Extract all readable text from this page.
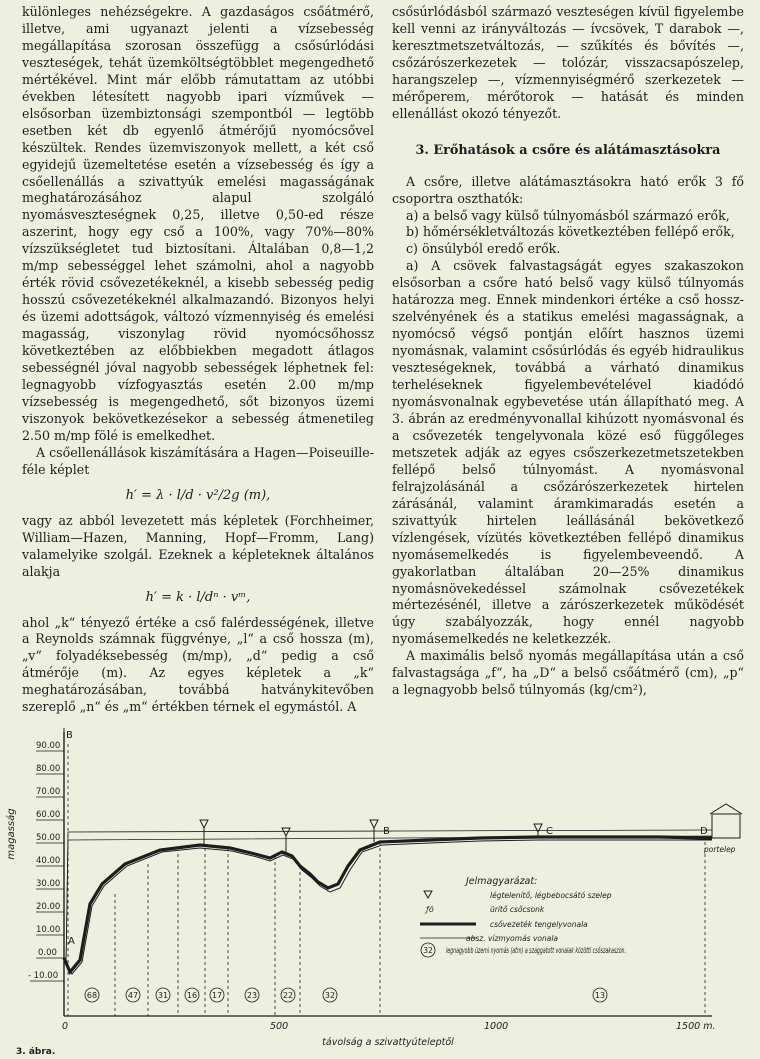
különleges nehézségekre. A gazdaságos csőátmérő, illetve, ami ugyanazt jelenti a vízsebesség megállapítása szorosan összefügg a csősúrlódási veszteségek, tehát üzemköltségtöbblet megengedhető mértékével. Mint már előbb rámutattam az utóbbi években létesített nagyobb ipari vízművek — elsősorban üzembiztonsági szempontból — legtöbb esetben két db egyenlő átmérőjű nyomócsővel készültek. Rendes üzemviszonyok mellett, a két cső egyidejű üzemeltetése esetén a vízsebesség és így a csőellenállás a szivattyúk emelési magasságának meghatározásához alapul szolgáló nyomásveszteségnek 0,25, illetve 0,50-ed része aszerint, hogy egy cső a 100%, vagy 70%—80% vízszükségletet tud biztosítani. Általában 0,8—1,2 m/mp sebességgel lehet számolni, ahol a nagyobb érték rövid csővezetékeknél, a kisebb sebesség pedig hosszú csővezetékeknél alkalmazandó. Bizonyos helyi és üzemi adottságok, változó vízmennyiség és emelési magasság, viszonylag rövid nyomócsőhossz következtében az előbbiekben megadott átlagos sebességnél jóval nagyobb sebességek léphetnek fel: legnagyobb vízfogyasztás esetén 2.00 m/mp vízsebesség is megengedhető, sőt bizonyos üzemi viszonyok bekövetkezésekor a sebesség átmenetileg 2.50 m/mp fölé is emelkedhet.

A csőellenállások kiszámítására a Hagen—Poiseuille-féle képlet

h′ = λ · l/d · v²/2g (m),

vagy az abból levezetett más képletek (Forchheimer, William—Hazen, Manning, Hopf—Fromm, Lang) valamelyike szolgál. Ezeknek a képleteknek általános alakja

h′ = k · l/dⁿ · vᵐ,

ahol „k“ tényező értéke a cső falérdességének, illetve a Reynolds számnak függvénye, „l“ a cső hossza (m), „v“ folyadéksebesség (m/mp), „d“ pedig a cső átmérője (m). Az egyes képletek a „k“ meghatározásában, továbbá hatványkitevőben szereplő „n“ és „m“ értékben térnek el egymástól. A

csősúrlódásból származó veszteségen kívül figyelembe kell venni az irányváltozás — ívcsövek, T darabok —, keresztmetszetváltozás, — szűkítés és bővítés —, csőzárószerkezetek — tolózár, visszacsapószelep, harangszelep —, vízmennyiségmérő szerkezetek — mérőperem, mérőtorok — hatását és minden ellenállást okozó tényezőt.

3. Erőhatások a csőre és alátámasztásokra

A csőre, illetve alátámasztásokra ható erők 3 fő csoportra oszthatók:

a) a belső vagy külső túlnyomásból származó erők,

b) hőmérsékletváltozás következtében fellépő erők,

c) önsúlyból eredő erők.

a) A csövek falvastagságát egyes szakaszokon elsősorban a csőre ható belső vagy külső túlnyomás határozza meg. Ennek mindenkori értéke a cső hossz-szelvényének és a statikus emelési magasságnak, a nyomócső végső pontján előírt hasznos üzemi nyomásnak, valamint csősúrlódás és egyéb hidraulikus veszteségeknek, továbbá a várható dinamikus terheléseknek figyelembevételével kiadódó nyomásvonalnak egybevetése után állapítható meg. A 3. ábrán az eredményvonallal kihúzott nyomásvonal és a csővezeték tengelyvonala közé eső függőleges metszetek adják az egyes csőszerkezetmetszetekben fellépő belső túlnyomást. A nyomásvonal felrajzolásánál a csőzárószerkezetek hirtelen zárásánál, valamint áramkimaradás esetén a szivattyúk hirtelen leállásánál bekövetkező vízlengések, vízütés következtében fellépő dinamikus nyomásemelkedés is figyelembeveendő. A gyakorlatban általában 20—25% dinamikus nyomásnövekedéssel számolnak csővezetékek mértezésénél, illetve a zárószerkezetek működését úgy szabályozzák, hogy ennél nagyobb nyomásemelkedés ne keletkezzék.

A maximális belső nyomás megállapítása után a cső falvastagsága „f“, ha „D“ a belső csőátmérő (cm), „p“ a legnagyobb belső túlnyomás (kg/cm²),

90.00
80.00
70.00
60.00
50.00
40.00
30.00
20.00
10.00
0.00
- 10.00
magasság
A
B	C	D
B
portelep
68	47 31 16 17	23	22	32	13
0	500	1000	1500 m.
távolság a szivattyúteleptől
3. ábra.
Jelmagyarázat:
légtelenítő, légbebocsátó szelep
ƒö	ürítő csőcsonk
csővezeték tengelyvonala
absz. vízmyomás vonala
32 legnagyobb üzemi nyomás (atm) a szaggatott vonalak közötti csőszakaszon.
